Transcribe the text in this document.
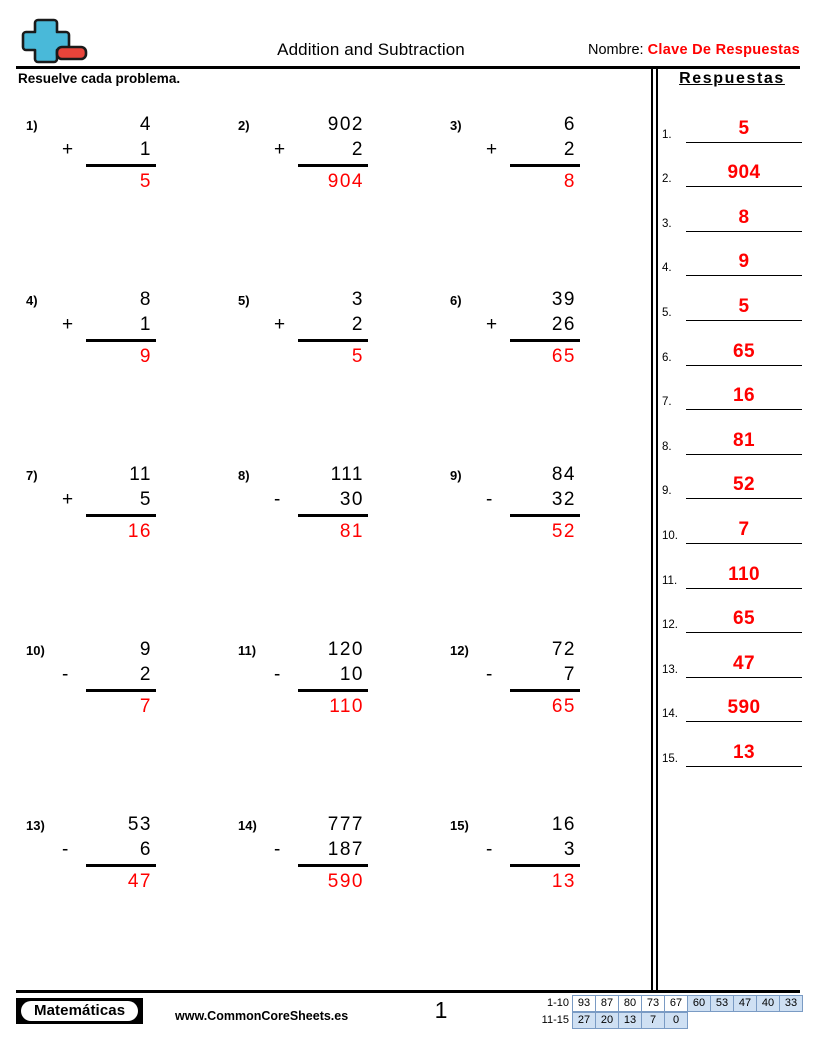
Addition and Subtraction	Nombre: Clave De Respuestas
Resuelve cada problema.
1)	4
+	1
5
2)	902
+	2
904
3)	6
+	2
8
4)	8
+	1
9
5)	3
+	2
5
6)	39
+	26
65
7)	11
+	5
16
8)	111
-	30
81
9)	84
-	32
52
10)	9
-	2
7
11)	120
-	10
110
12)	72
-	7
65
13)	53
-	6
47
14)	777
- 187
590
15)	16
-	3
13
Respuestas
1.	5
2.	904
3.	8
4.	9
5.	5
6.	65
7.	16
8.	81
9.	52
10.	7
11.	110
12.	65
13.	47
14.	590
15.	13
Matemáticas	www.CommonCoreSheets.es	1	1-10 93 87 80 73 67 60 53 47 40 33
11-15 27 20 13	7	0
